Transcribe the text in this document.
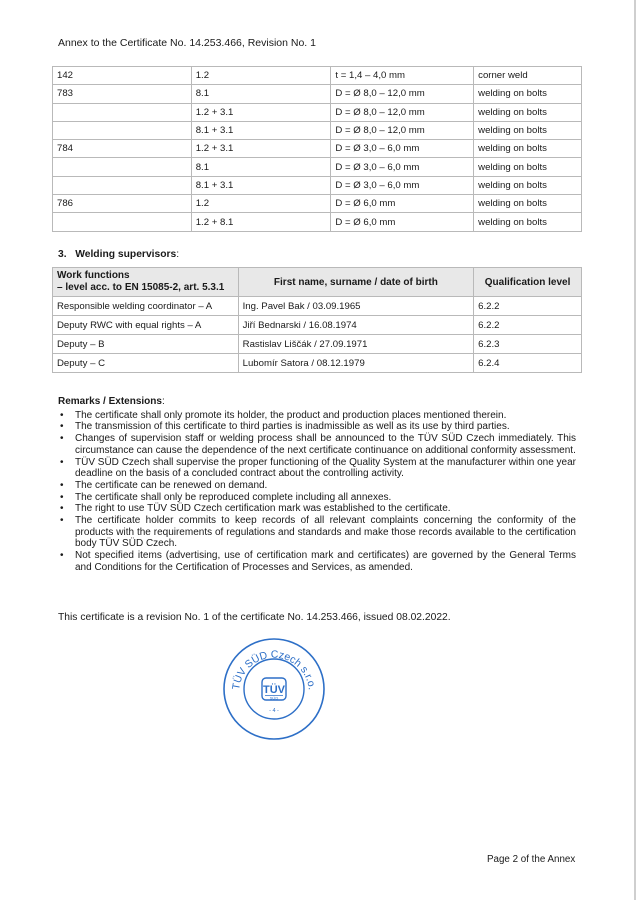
Annex to the Certificate No. 14.253.466, Revision No. 1
142	1.2	t = 1,4 – 4,0 mm	corner weld
783	8.1	D = Ø 8,0 – 12,0 mm	welding on bolts
	1.2 + 3.1	D = Ø 8,0 – 12,0 mm	welding on bolts
	8.1 + 3.1	D = Ø 8,0 – 12,0 mm	welding on bolts
784	1.2 + 3.1	D = Ø 3,0 – 6,0 mm	welding on bolts
	8.1	D = Ø 3,0 – 6,0 mm	welding on bolts
	8.1 + 3.1	D = Ø 3,0 – 6,0 mm	welding on bolts
786	1.2	D = Ø 6,0 mm	welding on bolts
	1.2 + 8.1	D = Ø 6,0 mm	welding on bolts
3. Welding supervisors:
Work functions
– level acc. to EN 15085-2, art. 5.3.1	First name, surname / date of birth	Qualification level
Responsible welding coordinator – A	Ing. Pavel Bak / 03.09.1965	6.2.2
Deputy RWC with equal rights – A	Jiří Bednarski / 16.08.1974	6.2.2
Deputy – B	Rastislav Liščák / 27.09.1971	6.2.3
Deputy – C	Lubomír Satora / 08.12.1979	6.2.4
Remarks / Extensions:
• The certificate shall only promote its holder, the product and production places mentioned therein.
• The transmission of this certificate to third parties is inadmissible as well as its use by third parties.
• Changes of supervision staff or welding process shall be announced to the TÜV SÜD Czech immediately. This circumstance can cause the dependence of the next certificate continuance on additional conformity assessment.
• TÜV SÜD Czech shall supervise the proper functioning of the Quality System at the manufacturer within one year deadline on the basis of a concluded contract about the controlling activity.
• The certificate can be renewed on demand.
• The certificate shall only be reproduced complete including all annexes.
• The right to use TÜV SÜD Czech certification mark was established to the certificate.
• The certificate holder commits to keep records of all relevant complaints concerning the conformity of the products with the requirements of regulations and standards and make those records available to the certification body TÜV SÜD Czech.
• Not specified items (advertising, use of certification mark and certificates) are governed by the General Terms and Conditions for the Certification of Processes and Services, as amended.
This certificate is a revision No. 1 of the certificate No. 14.253.466, issued 08.02.2022.
TÜV SÜD Czech s.r.o.
TÜV
SÜD
- 4 -
Page 2 of the Annex
